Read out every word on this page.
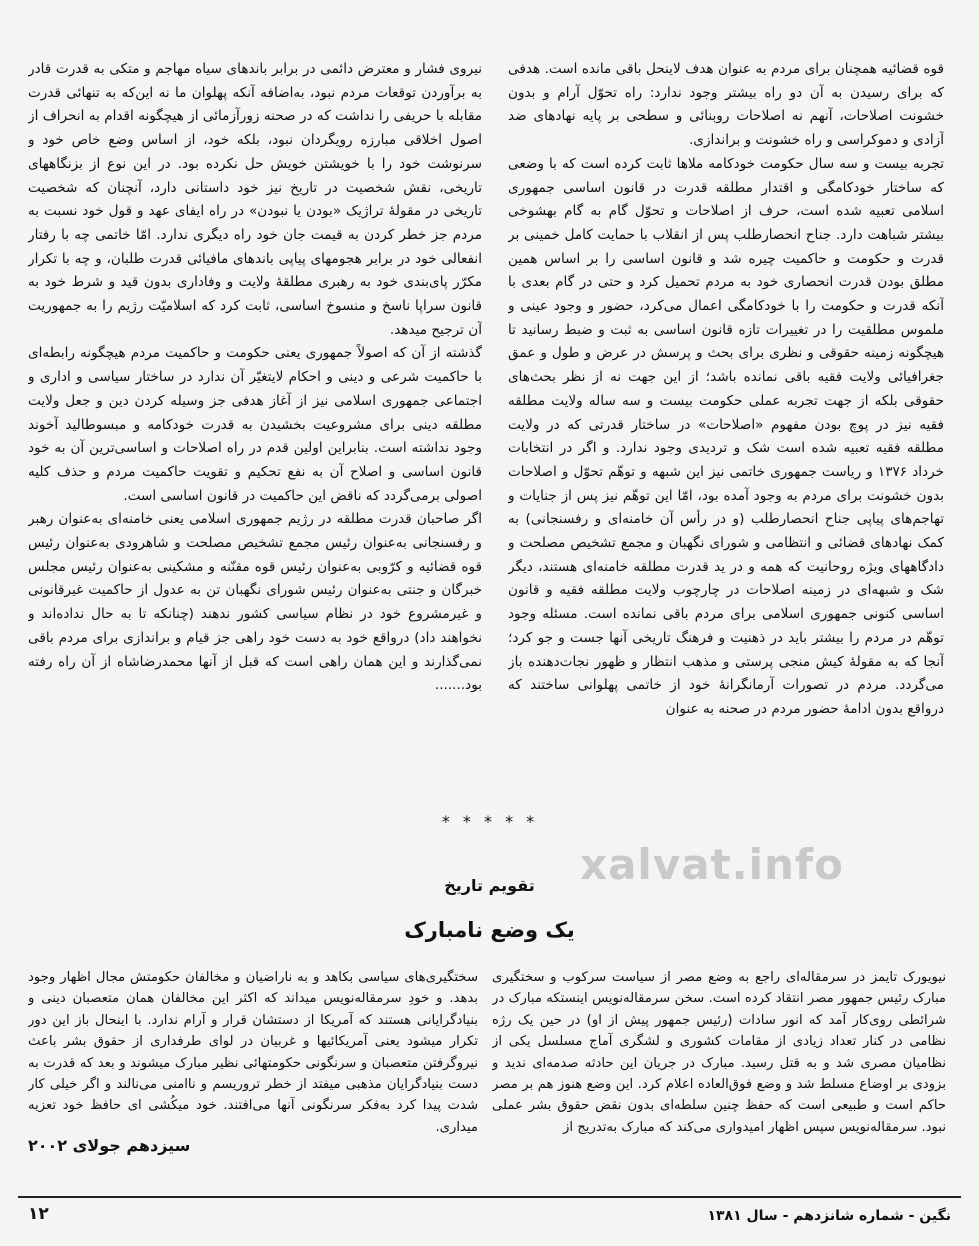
قوه قضائیه همچنان برای مردم به عنوان هدف لاینحل باقی مانده است. هدفی که برای رسیدن به آن دو راه بیشتر وجود ندارد: راه تحوّل آرام و بدون خشونت اصلاحات، آنهم نه اصلاحات روبنائی و سطحی بر پایه نهادهای ضد آزادی و دموکراسی و راه خشونت و براندازی.

تجربه بیست و سه سال حکومت خودکامه ملاها ثابت کرده است که با وضعی که ساختار خودکامگی و اقتدار مطلقه قدرت در قانون اساسی جمهوری اسلامی تعبیه شده است، حرف از اصلاحات و تحوّل گام به گام بهشوخی بیشتر شباهت دارد. جناح انحصارطلب پس از انقلاب با حمایت کامل خمینی بر قدرت و حکومت و حاکمیت چیره شد و قانون اساسی را بر اساس همین مطلق بودن قدرت انحصاری خود به مردم تحمیل کرد و حتی در گام بعدی با آنکه قدرت و حکومت را با خودکامگی اعمال می‌کرد، حضور و وجود عینی و ملموس مطلقیت را در تغییرات تازه قانون اساسی به ثبت و ضبط رسانید تا هیچگونه زمینه حقوقی و نظری برای بحث و پرسش در عرض و طول و عمق جغرافیائی ولایت فقیه باقی نمانده باشد؛ از این جهت نه از نظر بحث‌های حقوقی بلکه از جهت تجربه عملی حکومت بیست و سه ساله ولایت مطلقه فقیه نیز در پوچ بودن مفهوم «اصلاحات» در ساختار قدرتی که در ولایت مطلقه فقیه تعبیه شده است شک و تردیدی وجود ندارد. و اگر در انتخابات خرداد ۱۳۷۶ و ریاست جمهوری خاتمی نیز این شبهه و توهّم تحوّل و اصلاحات بدون خشونت برای مردم به وجود آمده بود، امّا این توهّم نیز پس از جنایات و تهاجم‌های پیاپی جناح انحصارطلب (و در رأس آن خامنه‌ای و رفسنجانی) به کمک نهادهای قضائی و انتظامی و شورای نگهبان و مجمع تشخیص مصلحت و دادگاههای ویژه روحانیت که همه و در ید قدرت مطلقه خامنه‌ای هستند، دیگر شک و شبهه‌ای در زمینه اصلاحات در چارچوب ولایت مطلقه فقیه و قانون اساسی کنونی جمهوری اسلامی برای مردم باقی نمانده است. مسئله وجود توهّم در مردم را بیشتر باید در ذهنیت و فرهنگ تاریخی آنها جست و جو کرد؛ آنجا که به مقولهٔ کیش منجی پرستی و مذهب انتظار و ظهور نجات‌دهنده باز می‌گردد. مردم در تصورات آرمانگرانهٔ خود از خاتمی پهلوانی ساختند که درواقع بدون ادامهٔ حضور مردم در صحنه به عنوان

نیروی فشار و معترض دائمی در برابر باندهای سیاه مهاجم و متکی به قدرت قادر به برآوردن توقعات مردم نبود، به‌اضافه آنکه پهلوان ما نه این‌که به تنهائی قدرت مقابله با حریفی را نداشت که در صحنه زورآزمائی از هیچگونه اقدام به انحراف از اصول اخلاقی مبارزه رویگردان نبود، بلکه خود، از اساس وضع خاص خود و سرنوشت خود را با خویشتن خویش حل نکرده بود. در این نوع از بزنگاههای تاریخی، نقش شخصیت در تاریخ نیز خود داستانی دارد، آنچنان که شخصیت تاریخی در مقولهٔ تراژیک «بودن یا نبودن» در راه ایفای عهد و قول خود نسبت به مردم جز خطر کردن به قیمت جان خود راه دیگری ندارد. امّا خاتمی چه با رفتار انفعالی خود در برابر هجومهای پیاپی باندهای مافیائی قدرت طلبان، و چه با تکرار مکرّر پای‌بندی خود به رهبری مطلقهٔ ولایت و وفاداری بدون قید و شرط خود به قانون سراپا ناسخ و منسوخ اساسی، ثابت کرد که اسلامیّت رژیم را به جمهوریت آن ترجیح میدهد.

گذشته از آن که اصولاً جمهوری یعنی حکومت و حاکمیت مردم هیچگونه رابطه‌ای با حاکمیت شرعی و دینی و احکام لایتغیّر آن ندارد در ساختار سیاسی و اداری و اجتماعی جمهوری اسلامی نیز از آغاز هدفی جز وسیله کردن دین و جعل ولایت مطلقه دینی برای مشروعیت بخشیدن به قدرت خودکامه و مبسوطالید آخوند وجود نداشته است. بنابراین اولین قدم در راه اصلاحات و اساسی‌ترین آن به خود قانون اساسی و اصلاح آن به نفع تحکیم و تقویت حاکمیت مردم و حذف کلیه اصولی برمی‌گردد که ناقض این حاکمیت در قانون اساسی است.

اگر صاحبان قدرت مطلقه در رژیم جمهوری اسلامی یعنی خامنه‌ای به‌عنوان رهبر و رفسنجانی به‌عنوان رئیس مجمع تشخیص مصلحت و شاهرودی به‌عنوان رئیس قوه قضائیه و کرّوبی به‌عنوان رئیس قوه مقنّنه و مشکینی به‌عنوان رئیس مجلس خبرگان و جنتی به‌عنوان رئیس شورای نگهبان تن به عدول از حاکمیت غیرقانونی و غیرمشروع خود در نظام سیاسی کشور ندهند (چنانکه تا به حال نداده‌اند و نخواهند داد) درواقع خود به دست خود راهی جز قیام و براندازی برای مردم باقی نمی‌گذارند و این همان راهی است که قبل از آنها محمدرضاشاه از آن راه رفته بود.......

* * * * *
xalvat.info
تقویم تاریخ
یک وضع نامبارک
نیویورک تایمز در سرمقاله‌ای راجع به وضع مصر از سیاست سرکوب و سختگیری مبارک رئیس جمهور مصر انتقاد کرده است. سخن سرمقاله‌نویس اینستکه مبارک در شرائطی روی‌کار آمد که انور سادات (رئیس جمهور پیش از او) در حین یک رژه نظامی در کنار تعداد زیادی از مقامات کشوری و لشگری آماج مسلسل یکی از نظامیان مصری شد و به قتل رسید. مبارک در جریان این حادثه صدمه‌ای ندید و بزودی بر اوضاع مسلط شد و وضع فوق‌العاده اعلام کرد. این وضع هنوز هم بر مصر حاکم است و طبیعی است که حفظ چنین سلطه‌ای بدون نقض حقوق بشر عملی نبود. سرمقاله‌نویس سپس اظهار امیدواری می‌کند که مبارک به‌تدریج از
سختگیری‌های سیاسی بکاهد و به ناراضیان و مخالفان حکومتش مجال اظهار وجود بدهد. و خودِ سرمقاله‌نویس میداند که اکثر این مخالفان همان متعصبان دینی و بنیادگرایانی هستند که آمریکا از دستشان قرار و آرام ندارد. با اینحال باز این دور تکرار میشود یعنی آمریکائیها و غربیان در لوای طرفداری از حقوق بشر باعث نیروگرفتن متعصبان و سرنگونی حکومتهائی نظیر مبارک میشوند و بعد که قدرت به دست بنیادگرایان مذهبی میفتد از خطر تروریسم و ناامنی می‌نالند و اگر خیلی کار شدت پیدا کرد به‌فکر سرنگونی آنها می‌افتند. خود میکُشی ای حافظ خود تعزیه میداری.
سیزدهم جولای ۲۰۰۲
نگین - شماره شانزدهم - سال ۱۳۸۱
۱۲
